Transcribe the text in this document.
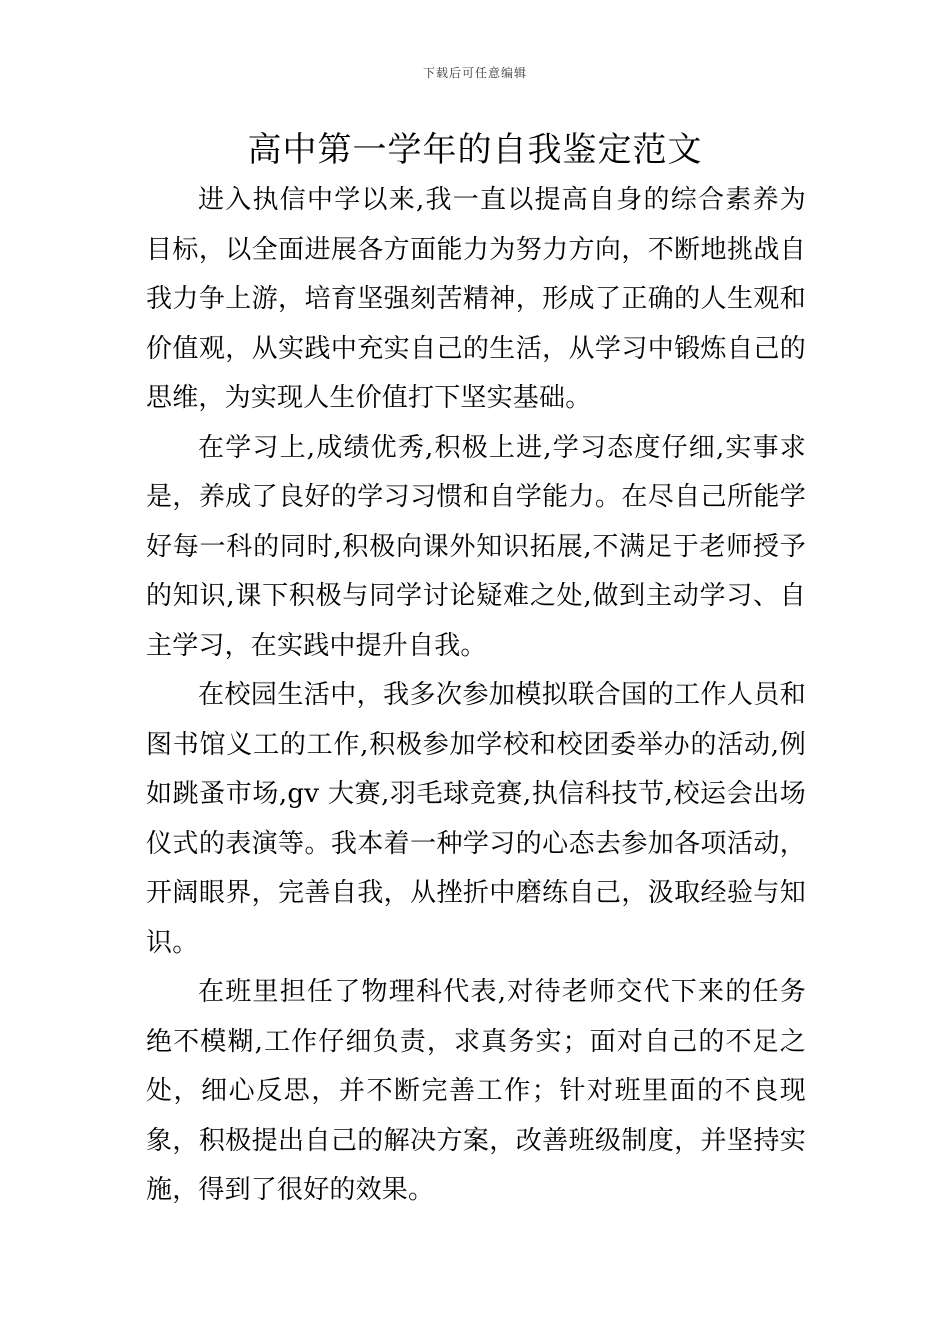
下载后可任意编辑
高中第一学年的自我鉴定范文

进入执信中学以来,我一直以提高自身的综合素养为目标，以全面进展各方面能力为努力方向，不断地挑战自我力争上游，培育坚强刻苦精神，形成了正确的人生观和价值观，从实践中充实自己的生活，从学习中锻炼自己的思维，为实现人生价值打下坚实基础。

在学习上,成绩优秀,积极上进,学习态度仔细,实事求是，养成了良好的学习习惯和自学能力。在尽自己所能学好每一科的同时,积极向课外知识拓展,不满足于老师授予的知识,课下积极与同学讨论疑难之处,做到主动学习、自主学习，在实践中提升自我。

在校园生活中，我多次参加模拟联合国的工作人员和图书馆义工的工作,积极参加学校和校团委举办的活动,例如跳蚤市场,gv 大赛,羽毛球竞赛,执信科技节,校运会出场仪式的表演等。我本着一种学习的心态去参加各项活动，开阔眼界，完善自我，从挫折中磨练自己，汲取经验与知识。

在班里担任了物理科代表,对待老师交代下来的任务绝不模糊,工作仔细负责，求真务实；面对自己的不足之处，细心反思，并不断完善工作；针对班里面的不良现象，积极提出自己的解决方案，改善班级制度，并坚持实施，得到了很好的效果。
